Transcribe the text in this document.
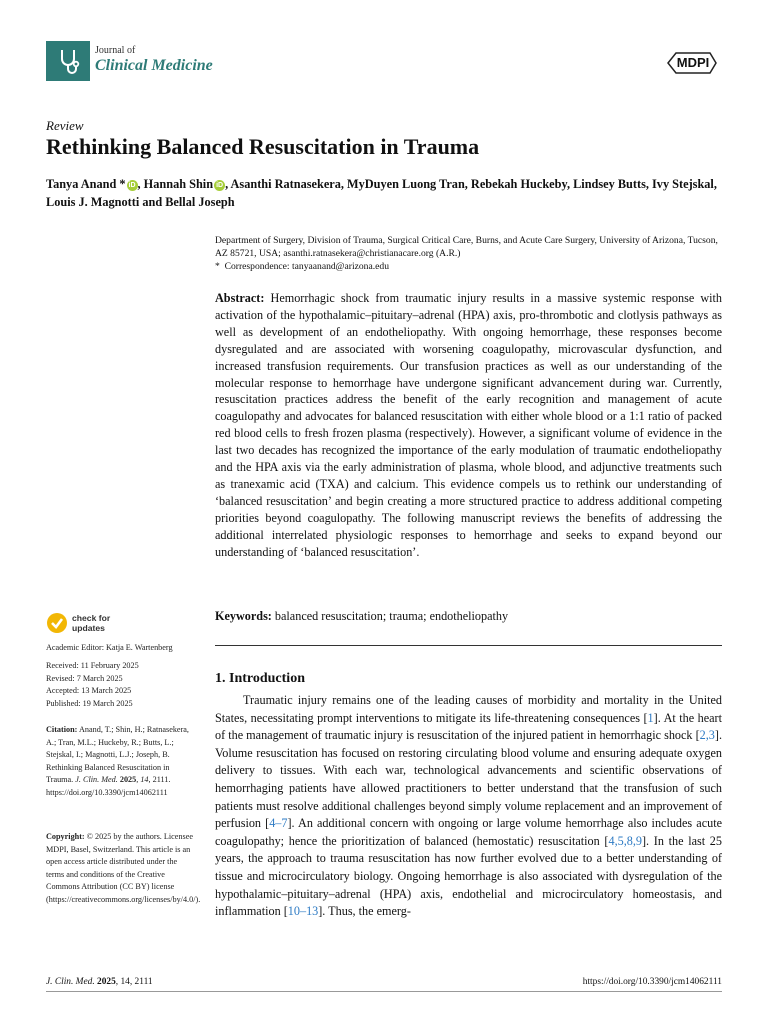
Journal of
Clinical Medicine	MDPI
Review
Rethinking Balanced Resuscitation in Trauma
Tanya Anand * iD , Hannah Shin iD , Asanthi Ratnasekera, MyDuyen Luong Tran, Rebekah Huckeby, Lindsey Butts, Ivy Stejskal, Louis J. Magnotti and Bellal Joseph
Department of Surgery, Division of Trauma, Surgical Critical Care, Burns, and Acute Care Surgery, University of Arizona, Tucson, AZ 85721, USA; asanthi.ratnasekera@christianacare.org (A.R.)
*  Correspondence: tanyaanand@arizona.edu
Abstract: Hemorrhagic shock from traumatic injury results in a massive systemic response with activation of the hypothalamic–pituitary–adrenal (HPA) axis, pro-thrombotic and clotlysis pathways as well as development of an endotheliopathy. With ongoing hemorrhage, these responses become dysregulated and are associated with worsening coagulopathy, microvascular dysfunction, and increased transfusion requirements. Our transfusion practices as well as our understanding of the molecular response to hemorrhage have undergone significant advancement during war. Currently, resuscitation practices address the benefit of the early recognition and management of acute coagulopathy and advocates for balanced resuscitation with either whole blood or a 1:1 ratio of packed red blood cells to fresh frozen plasma (respectively). However, a significant volume of evidence in the last two decades has recognized the importance of the early modulation of traumatic endotheliopathy and the HPA axis via the early administration of plasma, whole blood, and adjunctive treatments such as tranexamic acid (TXA) and calcium. This evidence compels us to rethink our understanding of ‘balanced resuscitation’ and begin creating a more structured practice to address additional competing priorities beyond coagulopathy. The following manuscript reviews the benefits of addressing the additional interrelated physiologic responses to hemorrhage and seeks to expand beyond our understanding of ‘balanced resuscitation’.
Keywords: balanced resuscitation; trauma; endotheliopathy
check for
updates
Academic Editor: Katja E. Wartenberg
Received: 11 February 2025
Revised: 7 March 2025
Accepted: 13 March 2025
Published: 19 March 2025
Citation: Anand, T.; Shin, H.; Ratnasekera, A.; Tran, M.L.; Huckeby, R.; Butts, L.; Stejskal, I.; Magnotti, L.J.; Joseph, B. Rethinking Balanced Resuscitation in Trauma. J. Clin. Med. 2025, 14, 2111. https://doi.org/10.3390/jcm14062111
Copyright: © 2025 by the authors. Licensee MDPI, Basel, Switzerland. This article is an open access article distributed under the terms and conditions of the Creative Commons Attribution (CC BY) license (https://creativecommons.org/licenses/by/4.0/).
1. Introduction
Traumatic injury remains one of the leading causes of morbidity and mortality in the United States, necessitating prompt interventions to mitigate its life-threatening consequences [1]. At the heart of the management of traumatic injury is resuscitation of the injured patient in hemorrhagic shock [2,3]. Volume resuscitation has focused on restoring circulating blood volume and ensuring adequate oxygen delivery to tissues. With each war, technological advancements and scientific observations of hemorrhaging patients have allowed practitioners to better understand that the transfusion of such patients must resolve additional challenges beyond simply volume replacement and an improvement of perfusion [4–7]. An additional concern with ongoing or large volume hemorrhage also includes acute coagulopathy; hence the prioritization of balanced (hemostatic) resuscitation [4,5,8,9]. In the last 25 years, the approach to trauma resuscitation has now further evolved due to a better understanding of tissue and microcirculatory biology. Ongoing hemorrhage is also associated with dysregulation of the hypothalamic–pituitary–adrenal (HPA) axis, endothelial and microcirculatory homeostasis, and inflammation [10–13]. Thus, the emerg-
J. Clin. Med. 2025, 14, 2111	https://doi.org/10.3390/jcm14062111
